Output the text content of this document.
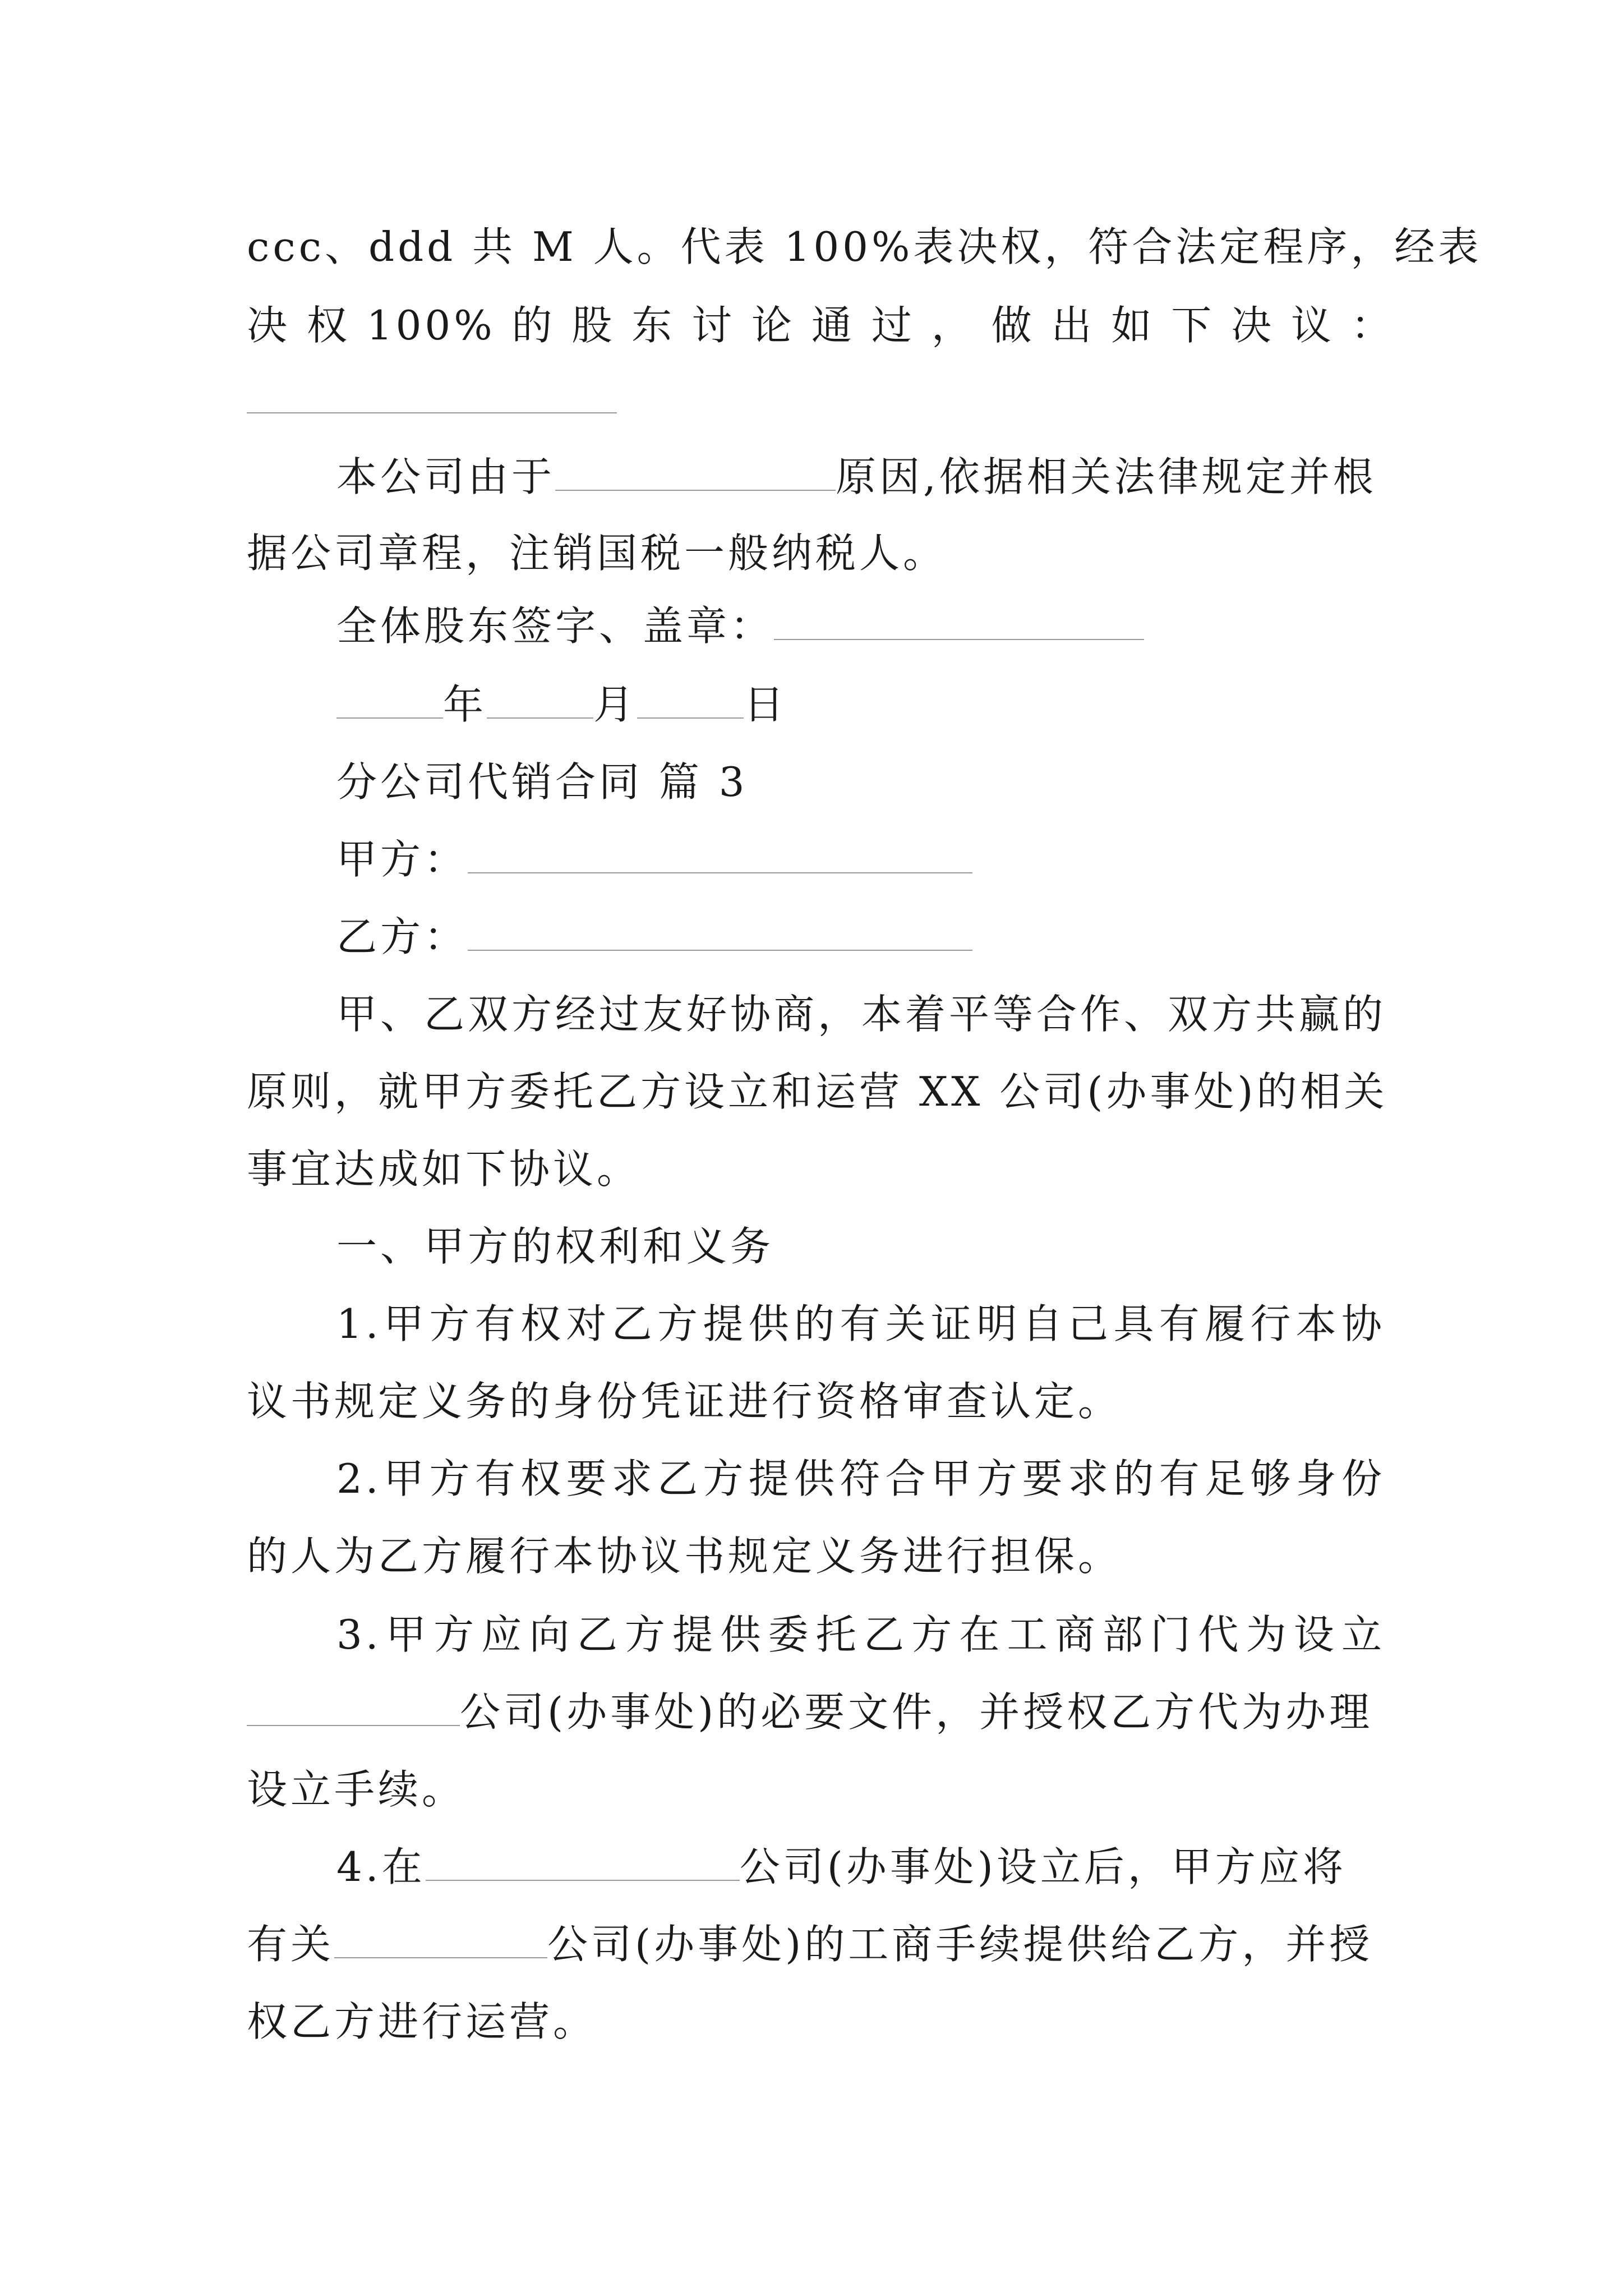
ccc、ddd 共 M 人。代表 100%表决权，符合法定程序，经表
决 权 100% 的 股 东 讨 论 通 过 ， 做 出 如 下 决 议 ：
本公司由于	原因,依据相关法律规定并根
据公司章程，注销国税一般纳税人。
全体股东签字、盖章：
年	月	日
分公司代销合同 篇 3
甲方：
乙方：
甲、乙双方经过友好协商，本着平等合作、双方共赢的
原则，就甲方委托乙方设立和运营 XX 公司(办事处)的相关
事宜达成如下协议。
一、甲方的权利和义务
1.甲方有权对乙方提供的有关证明自己具有履行本协
议书规定义务的身份凭证进行资格审查认定。
2.甲方有权要求乙方提供符合甲方要求的有足够身份
的人为乙方履行本协议书规定义务进行担保。
3.甲方应向乙方提供委托乙方在工商部门代为设立
公司(办事处)的必要文件，并授权乙方代为办理
设立手续。
4.在	公司(办事处)设立后，甲方应将
有关	公司(办事处)的工商手续提供给乙方，并授
权乙方进行运营。
